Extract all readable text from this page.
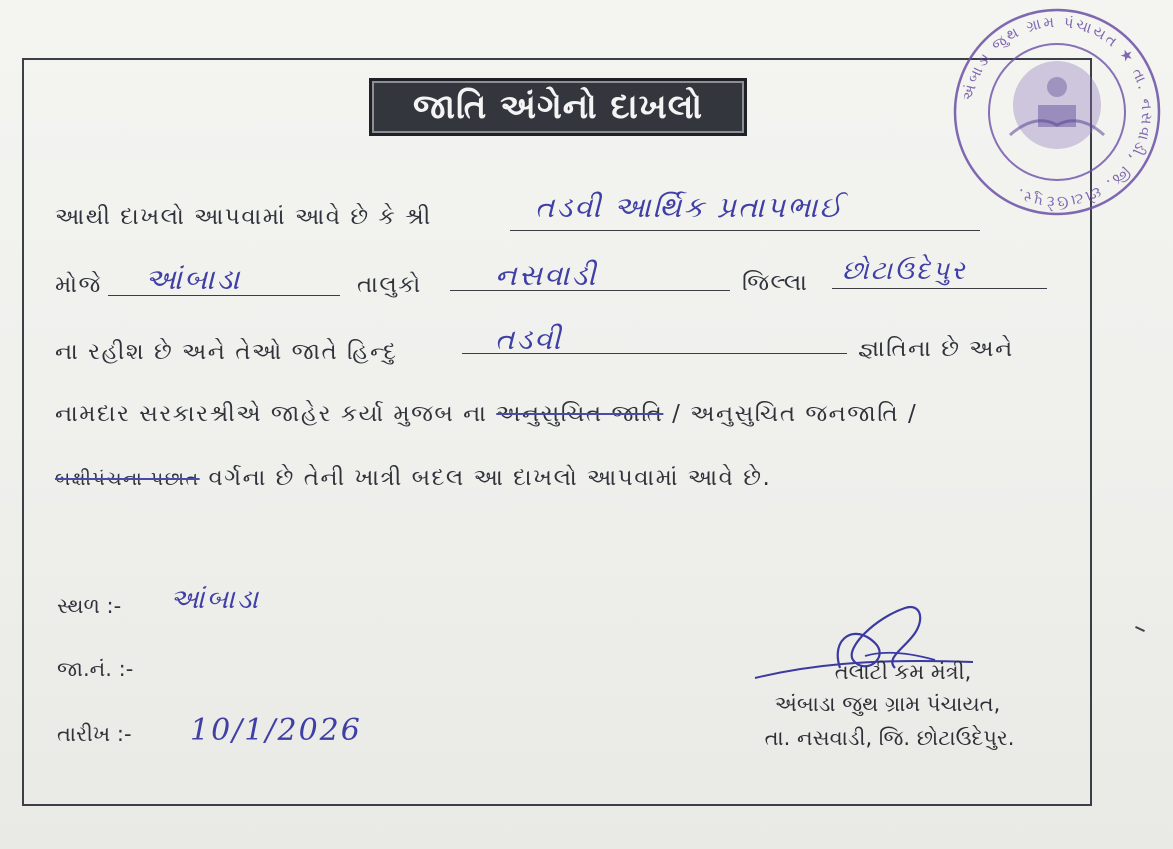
અંબાડા જુથ ગ્રામ પંચાયત ★ તા. નસવાડી, જિ. છોટાઉદેપુર.
જાતિ અંગેનો દાખલો
આથી દાખલો આપવામાં આવે છે કે શ્રી	તડવી આર્થિક પ્રતાપભાઈ
મોજે આંબાડા	તાલુકો	નસવાડી	જિલ્લા છોટાઉદેપુર
ના રહીશ છે અને તેઓ જાતે હિન્દુ	તડવી	જ્ઞાતિના છે અને
નામદાર સરકારશ્રીએ જાહેર કર્યા મુજબ ના અનુસુચિત જાતિ / અનુસુચિત જનજાતિ /
બક્ષીપંચના પછાત વર્ગના છે તેની ખાત્રી બદલ આ દાખલો આપવામાં આવે છે.
સ્થળ :- આંબાડા
જા.નં. :-
તારીખ :- 10/1/2026
તલાટી કમ મંત્રી,
અંબાડા જુથ ગ્રામ પંચાયત,
તા. નસવાડી, જિ. છોટાઉદેપુર.
